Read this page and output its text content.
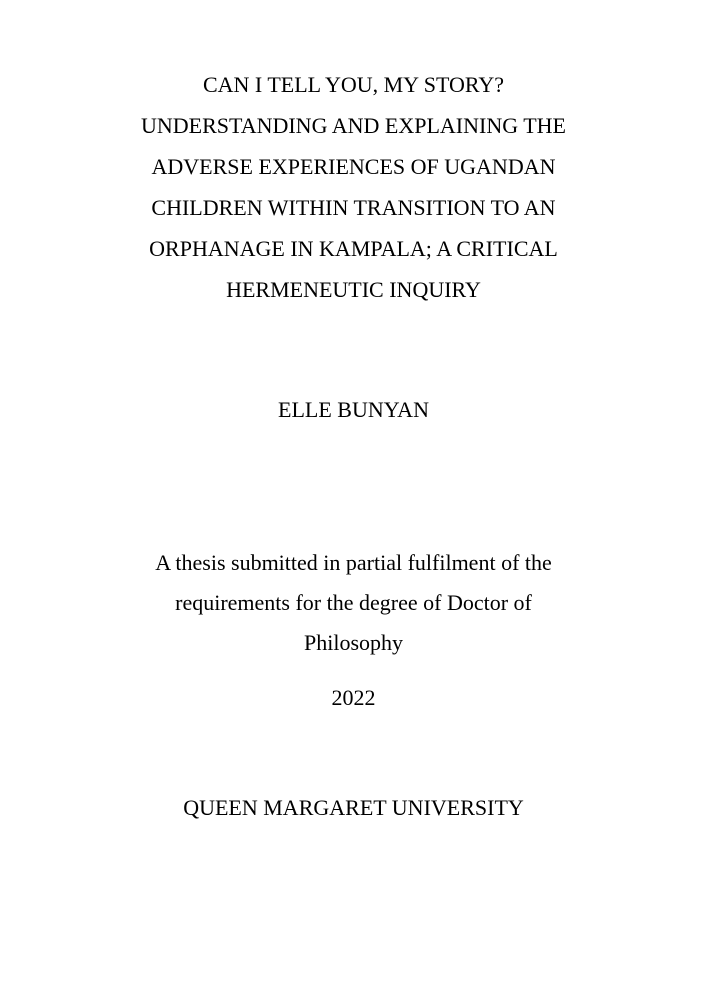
CAN I TELL YOU, MY STORY?
UNDERSTANDING AND EXPLAINING THE
ADVERSE EXPERIENCES OF UGANDAN
CHILDREN WITHIN TRANSITION TO AN
ORPHANAGE IN KAMPALA; A CRITICAL
HERMENEUTIC INQUIRY
ELLE BUNYAN
A thesis submitted in partial fulfilment of the
requirements for the degree of Doctor of
Philosophy
2022
QUEEN MARGARET UNIVERSITY
